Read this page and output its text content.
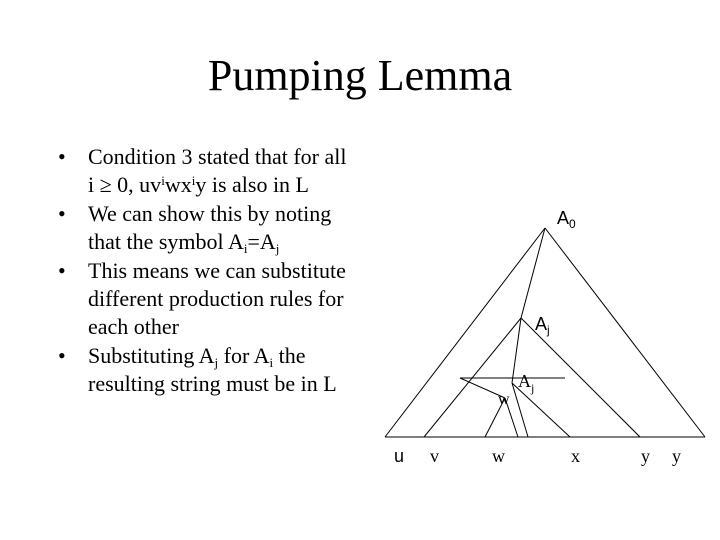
Pumping Lemma
• Condition 3 stated that for all i ≥ 0, $uv^iwx^iy$ is also in L
• We can show this by noting that the symbol $A_i=A_j$
• This means we can substitute different production rules for each other
• Substituting $A_j$ for $A_i$ the resulting string must be in L
$A_0$
$A_j$
$A_j$
w
u v	w	x	y y
